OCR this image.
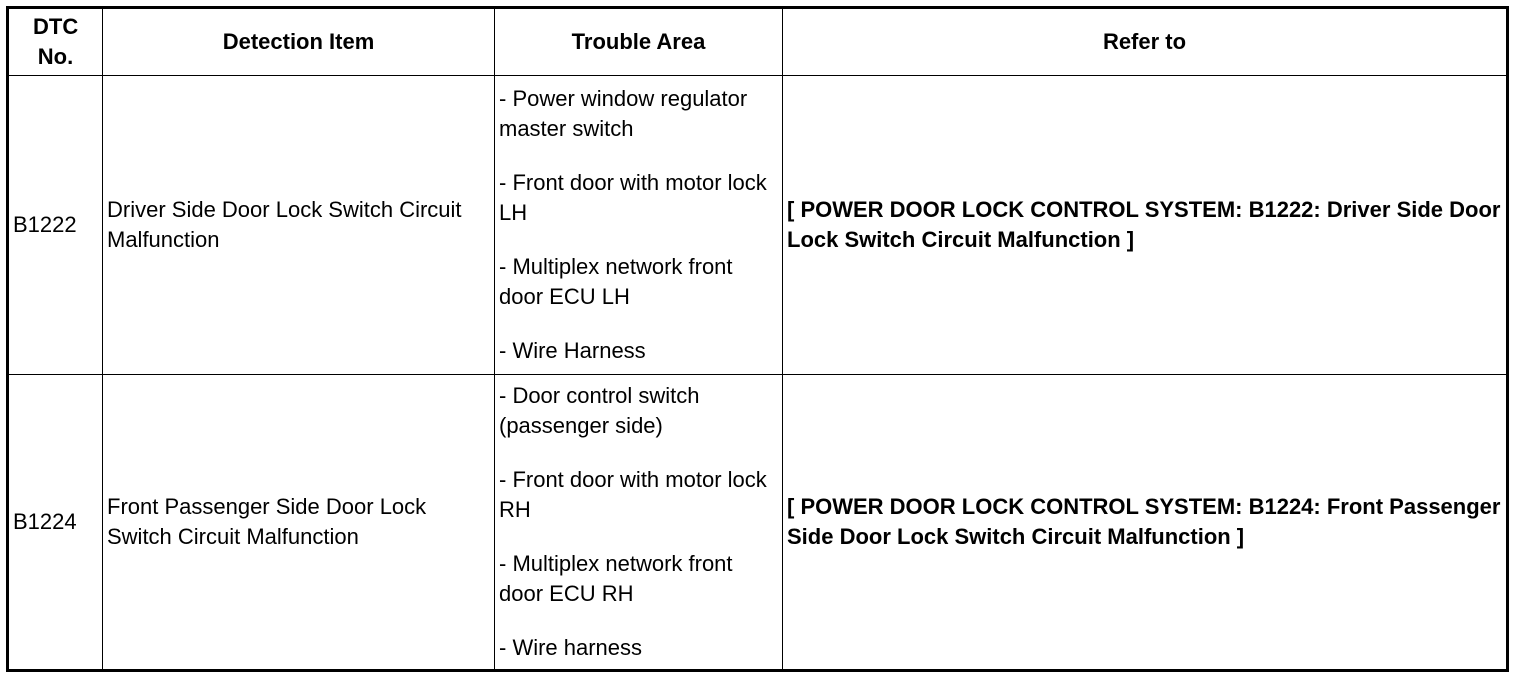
DTC No.	Detection Item	Trouble Area	Refer to
B1222	Driver Side Door Lock Switch Circuit Malfunction	- Power window regulator master switch

- Front door with motor lock LH

- Multiplex network front door ECU LH

- Wire Harness	[ POWER DOOR LOCK CONTROL SYSTEM: B1222: Driver Side Door Lock Switch Circuit Malfunction ]
B1224	Front Passenger Side Door Lock Switch Circuit Malfunction	- Door control switch (passenger side)

- Front door with motor lock RH

- Multiplex network front door ECU RH

- Wire harness	[ POWER DOOR LOCK CONTROL SYSTEM: B1224: Front Passenger Side Door Lock Switch Circuit Malfunction ]
